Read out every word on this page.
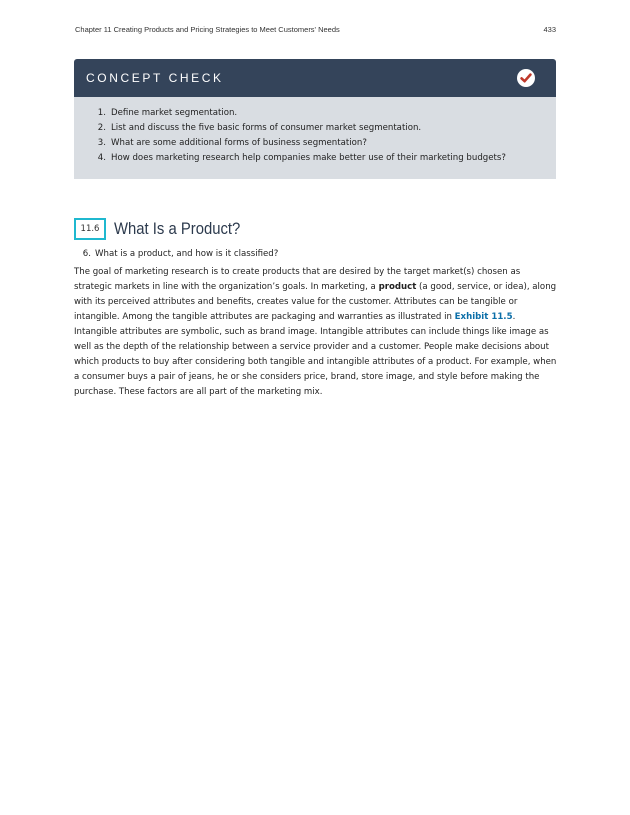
Chapter 11 Creating Products and Pricing Strategies to Meet Customers' Needs	433
CONCEPT CHECK
1. Define market segmentation.
2. List and discuss the five basic forms of consumer market segmentation.
3. What are some additional forms of business segmentation?
4. How does marketing research help companies make better use of their marketing budgets?
11.6 What Is a Product?
6. What is a product, and how is it classified?

The goal of marketing research is to create products that are desired by the target market(s) chosen as strategic markets in line with the organization’s goals. In marketing, a product (a good, service, or idea), along with its perceived attributes and benefits, creates value for the customer. Attributes can be tangible or intangible. Among the tangible attributes are packaging and warranties as illustrated in Exhibit 11.5. Intangible attributes are symbolic, such as brand image. Intangible attributes can include things like image as well as the depth of the relationship between a service provider and a customer. People make decisions about which products to buy after considering both tangible and intangible attributes of a product. For example, when a consumer buys a pair of jeans, he or she considers price, brand, store image, and style before making the purchase. These factors are all part of the marketing mix.
